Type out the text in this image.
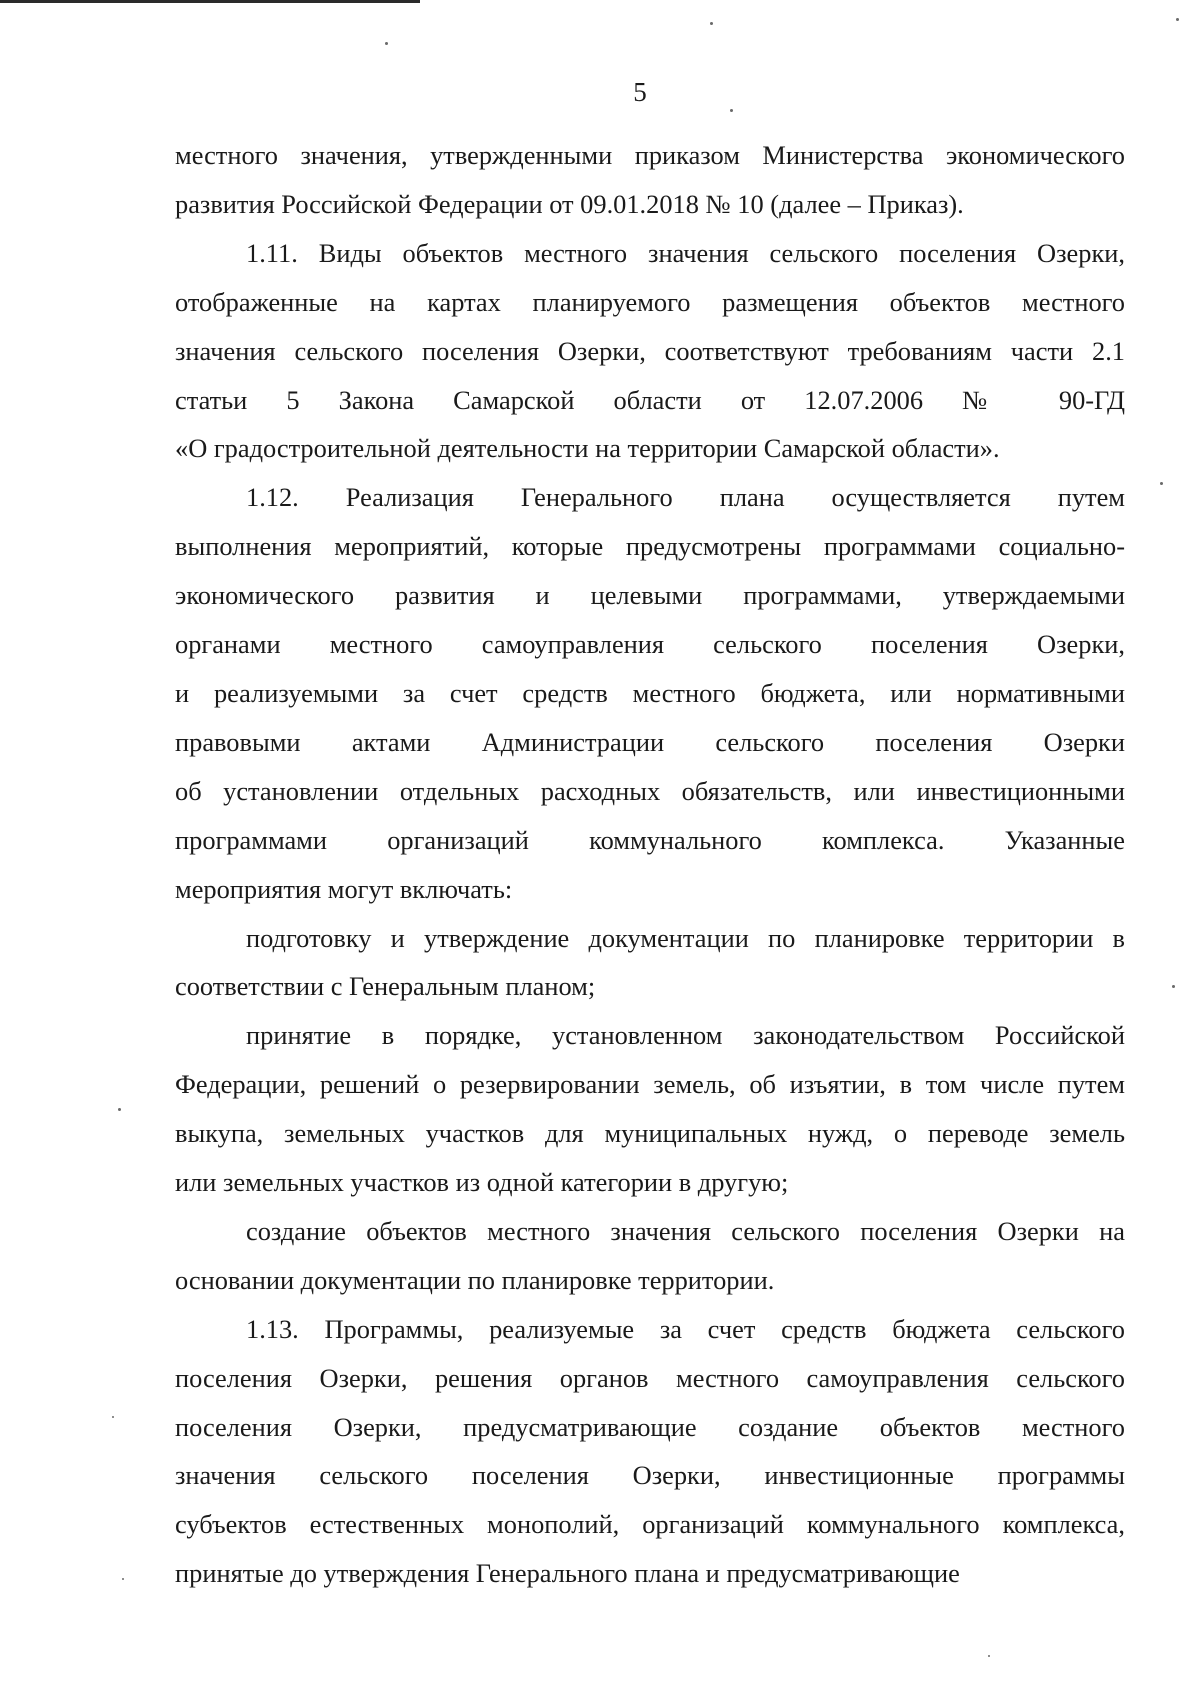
5
местного значения, утвержденными приказом Министерства экономического
развития Российской Федерации от 09.01.2018 № 10 (далее – Приказ).
1.11. Виды объектов местного значения сельского поселения Озерки,
отображенные на картах планируемого размещения объектов местного
значения сельского поселения Озерки, соответствуют требованиям части 2.1
статьи 5 Закона Самарской области от 12.07.2006 № 90-ГД
«О градостроительной деятельности на территории Самарской области».
1.12. Реализация Генерального плана осуществляется путем
выполнения мероприятий, которые предусмотрены программами социально-
экономического развития и целевыми программами, утверждаемыми
органами местного самоуправления сельского поселения Озерки,
и реализуемыми за счет средств местного бюджета, или нормативными
правовыми актами Администрации сельского поселения Озерки
об установлении отдельных расходных обязательств, или инвестиционными
программами организаций коммунального комплекса. Указанные
мероприятия могут включать:
подготовку и утверждение документации по планировке территории в
соответствии с Генеральным планом;
принятие в порядке, установленном законодательством Российской
Федерации, решений о резервировании земель, об изъятии, в том числе путем
выкупа, земельных участков для муниципальных нужд, о переводе земель
или земельных участков из одной категории в другую;
создание объектов местного значения сельского поселения Озерки на
основании документации по планировке территории.
1.13. Программы, реализуемые за счет средств бюджета сельского
поселения Озерки, решения органов местного самоуправления сельского
поселения Озерки, предусматривающие создание объектов местного
значения сельского поселения Озерки, инвестиционные программы
субъектов естественных монополий, организаций коммунального комплекса,
принятые до утверждения Генерального плана и предусматривающие
